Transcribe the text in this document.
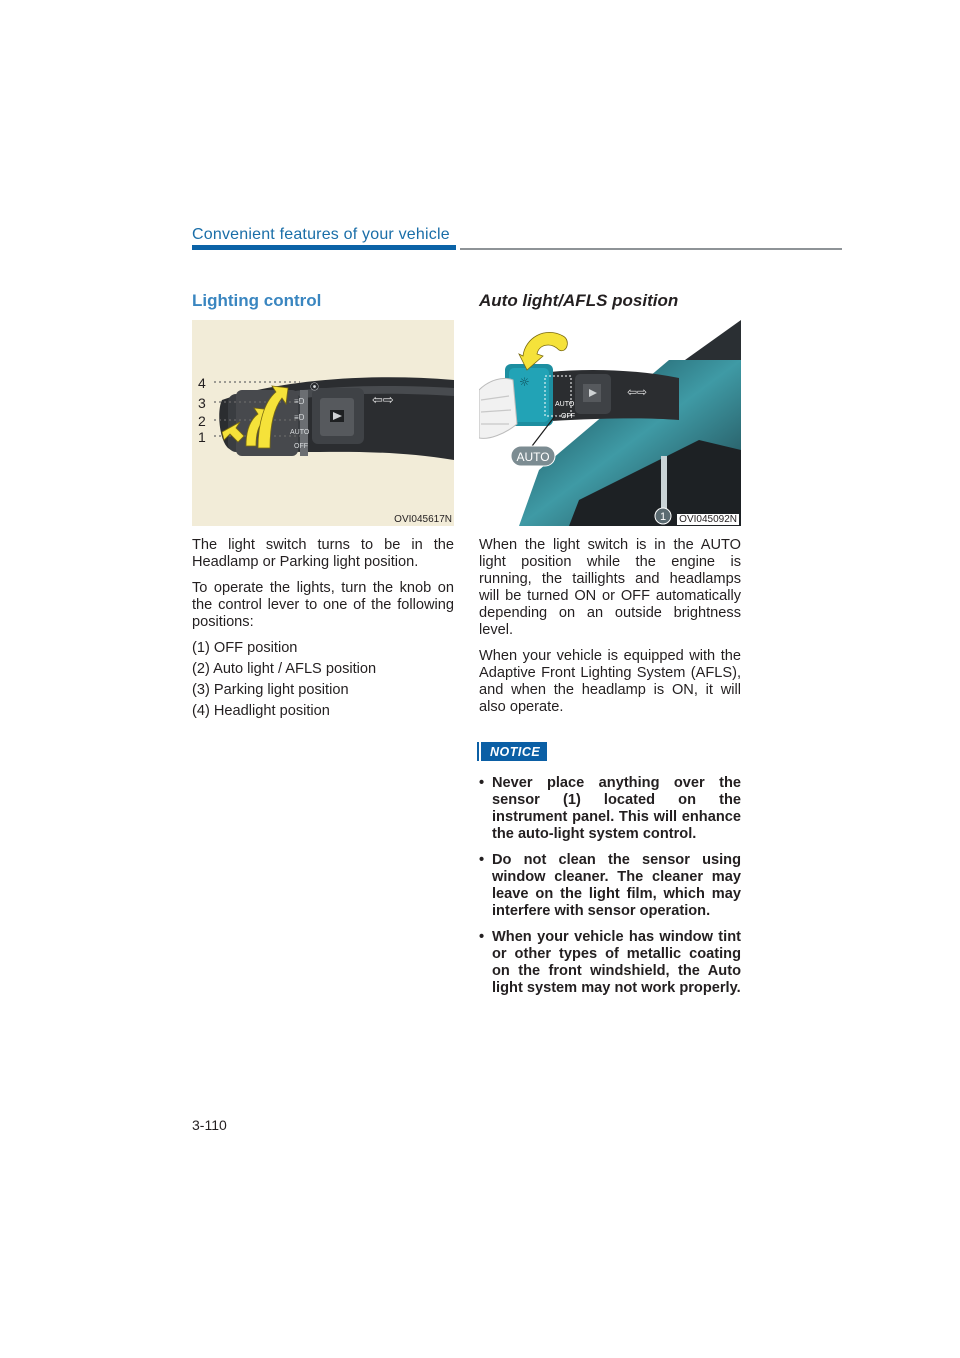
Convenient features of your vehicle
Lighting control
≡D
≡D
AUTO
OFF
⇦⇨
⦿
4
3
2
1
OVI045617N

The light switch turns to be in the Headlamp or Parking light position.

To operate the lights, turn the knob on the control lever to one of the following positions:

(1) OFF position

(2) Auto light / AFLS position

(3) Parking light position

(4) Headlight position

Auto light/AFLS position
☼
AUTO
OFF
⇦⇨
AUTO
1 OVI045092N

When the light switch is in the AUTO light position while the engine is running, the taillights and headlamps will be turned ON or OFF automatically depending on an outside brightness level.

When your vehicle is equipped with the Adaptive Front Lighting System (AFLS), and when the headlamp is ON, it will also operate.

NOTICE

• Never place anything over the sensor (1) located on the instrument panel. This will enhance the auto-light system control.

• Do not clean the sensor using window cleaner. The cleaner may leave on the light film, which may interfere with sensor operation.

• When your vehicle has window tint or other types of metallic coating on the front windshield, the Auto light system may not work properly.

3-110
